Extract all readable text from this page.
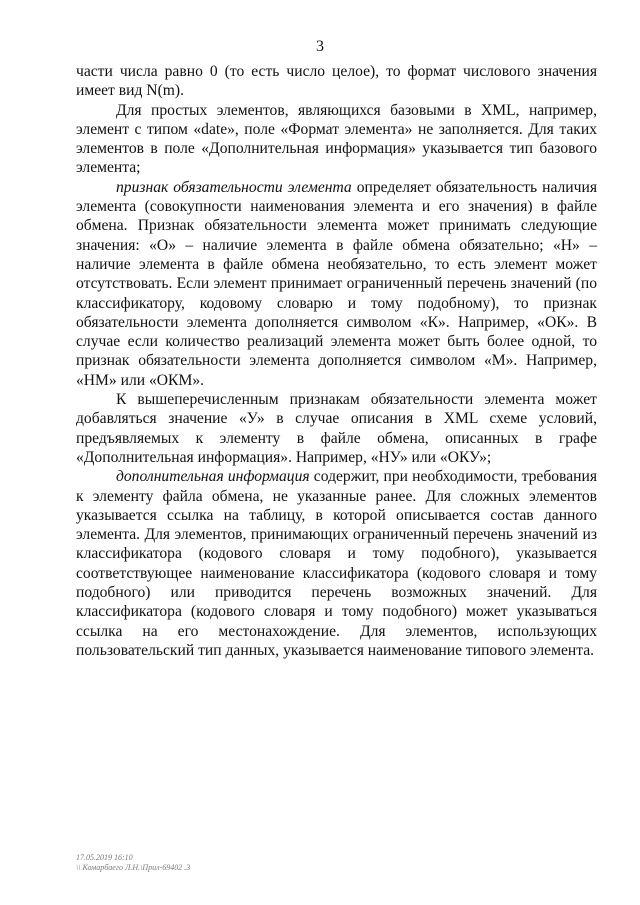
3

части числа равно 0 (то есть число целое), то формат числового значения имеет вид N(m).

Для простых элементов, являющихся базовыми в XML, например, элемент с типом «date», поле «Формат элемента» не заполняется. Для таких элементов в поле «Дополнительная информация» указывается тип базового элемента;

признак обязательности элемента определяет обязательность наличия элемента (совокупности наименования элемента и его значения) в файле обмена. Признак обязательности элемента может принимать следующие значения: «О» – наличие элемента в файле обмена обязательно; «Н» – наличие элемента в файле обмена необязательно, то есть элемент может отсутствовать. Если элемент принимает ограниченный перечень значений (по классификатору, кодовому словарю и тому подобному), то признак обязательности элемента дополняется символом «К». Например, «ОК». В случае если количество реализаций элемента может быть более одной, то признак обязательности элемента дополняется символом «М». Например, «НМ» или «ОКМ».

К вышеперечисленным признакам обязательности элемента может добавляться значение «У» в случае описания в XML схеме условий, предъявляемых к элементу в файле обмена, описанных в графе «Дополнительная информация». Например, «НУ» или «ОКУ»;

дополнительная информация содержит, при необходимости, требования к элементу файла обмена, не указанные ранее. Для сложных элементов указывается ссылка на таблицу, в которой описывается состав данного элемента. Для элементов, принимающих ограниченный перечень значений из классификатора (кодового словаря и тому подобного), указывается соответствующее наименование классификатора (кодового словаря и тому подобного) или приводится перечень возможных значений. Для классификатора (кодового словаря и тому подобного) может указываться ссылка на его местонахождение. Для элементов, использующих пользовательский тип данных, указывается наименование типового элемента.

17.05.2019 16:10
\\ Комарбаего Л.Н.\Прил-69402 .3
